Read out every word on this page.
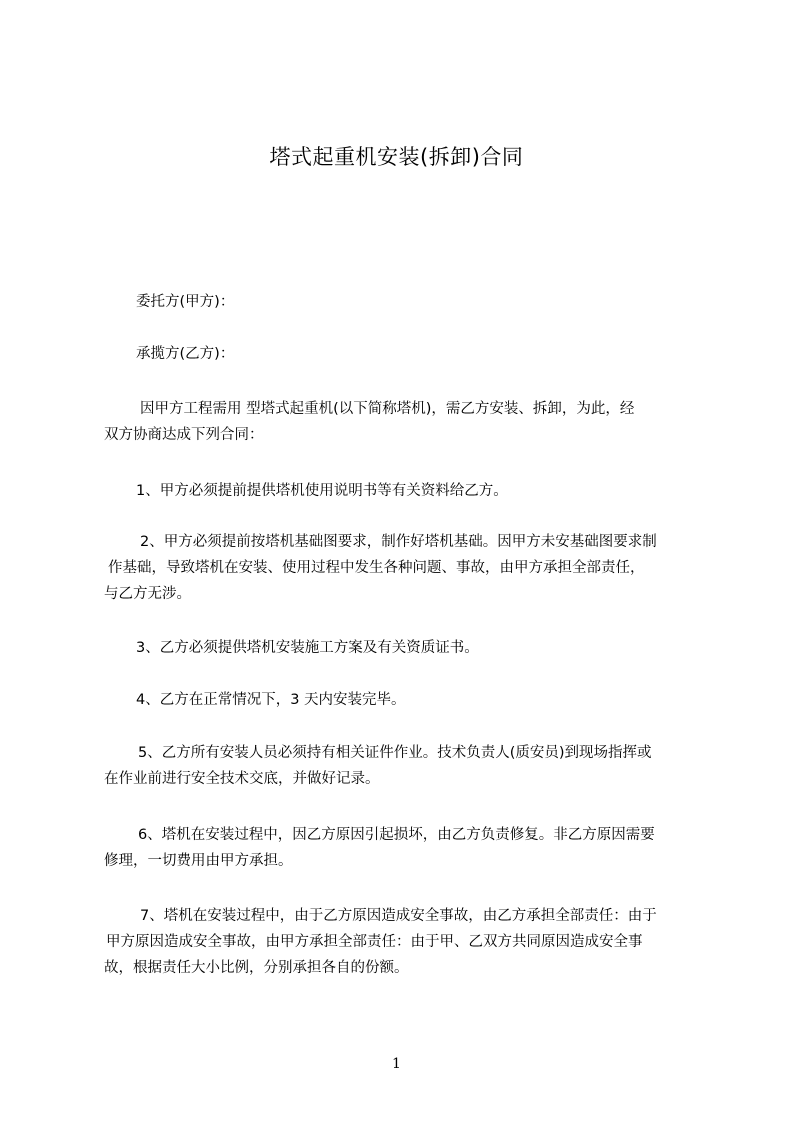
塔式起重机安装(拆卸)合同
委托方(甲方)：
承揽方(乙方)：
因甲方工程需用 型塔式起重机(以下简称塔机)，需乙方安装、拆卸，为此，经
双方协商达成下列合同：
1、甲方必须提前提供塔机使用说明书等有关资料给乙方。
2、甲方必须提前按塔机基础图要求，制作好塔机基础。因甲方未安基础图要求制
作基础，导致塔机在安装、使用过程中发生各种问题、事故，由甲方承担全部责任，
与乙方无涉。
3、乙方必须提供塔机安装施工方案及有关资质证书。
4、乙方在正常情况下，3 天内安装完毕。
5、乙方所有安装人员必须持有相关证件作业。技术负责人(质安员)到现场指挥或
在作业前进行安全技术交底，并做好记录。
6、塔机在安装过程中，因乙方原因引起损坏，由乙方负责修复。非乙方原因需要
修理，一切费用由甲方承担。
7、塔机在安装过程中，由于乙方原因造成安全事故，由乙方承担全部责任：由于
甲方原因造成安全事故，由甲方承担全部责任：由于甲、乙双方共同原因造成安全事
故，根据责任大小比例，分别承担各自的份额。
1
